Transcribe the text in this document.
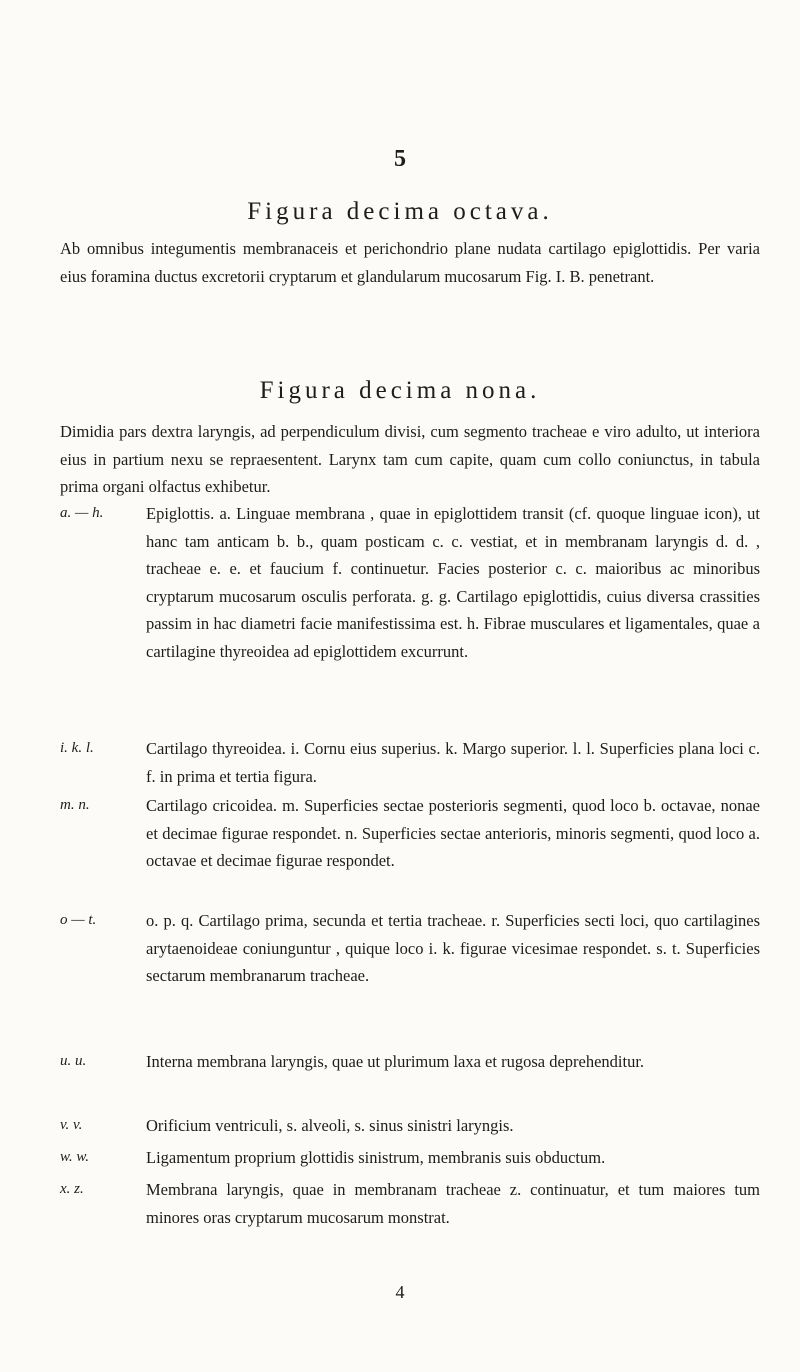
5
Figura decima octava.
Ab omnibus integumentis membranaceis et perichondrio plane nudata cartilago epiglottidis. Per varia eius foramina ductus excretorii cryptarum et glandularum mucosarum Fig. I. B. penetrant.
Figura decima nona.
Dimidia pars dextra laryngis, ad perpendiculum divisi, cum segmento tracheae e viro adulto, ut interiora eius in partium nexu se repraesentent. Larynx tam cum capite, quam cum collo coniunctus, in tabula prima organi olfactus exhibetur.
a. — h.	Epiglottis. a. Linguae membrana , quae in epiglottidem transit (cf. quoque linguae icon), ut hanc tam anticam b. b., quam posticam c. c. vestiat, et in membranam laryngis d. d. , tracheae e. e. et faucium f. continuetur. Facies posterior c. c. maioribus ac minoribus cryptarum mucosarum osculis perforata. g. g. Cartilago epiglottidis, cuius diversa crassities passim in hac diametri facie manifestissima est. h. Fibrae musculares et ligamentales, quae a cartilagine thyreoidea ad epiglottidem excurrunt.
i. k. l.	Cartilago thyreoidea. i. Cornu eius superius. k. Margo superior. l. l. Superficies plana loci c. f. in prima et tertia figura.
m. n.	Cartilago cricoidea. m. Superficies sectae posterioris segmenti, quod loco b. octavae, nonae et decimae figurae respondet. n. Superficies sectae anterioris, minoris segmenti, quod loco a. octavae et decimae figurae respondet.
o — t.	o. p. q. Cartilago prima, secunda et tertia tracheae. r. Superficies secti loci, quo cartilagines arytaenoideae coniunguntur , quique loco i. k. figurae vicesimae respondet. s. t. Superficies sectarum membranarum tracheae.
u. u.	Interna membrana laryngis, quae ut plurimum laxa et rugosa deprehenditur.
v. v.	Orificium ventriculi, s. alveoli, s. sinus sinistri laryngis.
w. w.	Ligamentum proprium glottidis sinistrum, membranis suis obductum.
x. z.	Membrana laryngis, quae in membranam tracheae z. continuatur, et tum maiores tum minores oras cryptarum mucosarum monstrat.
4
